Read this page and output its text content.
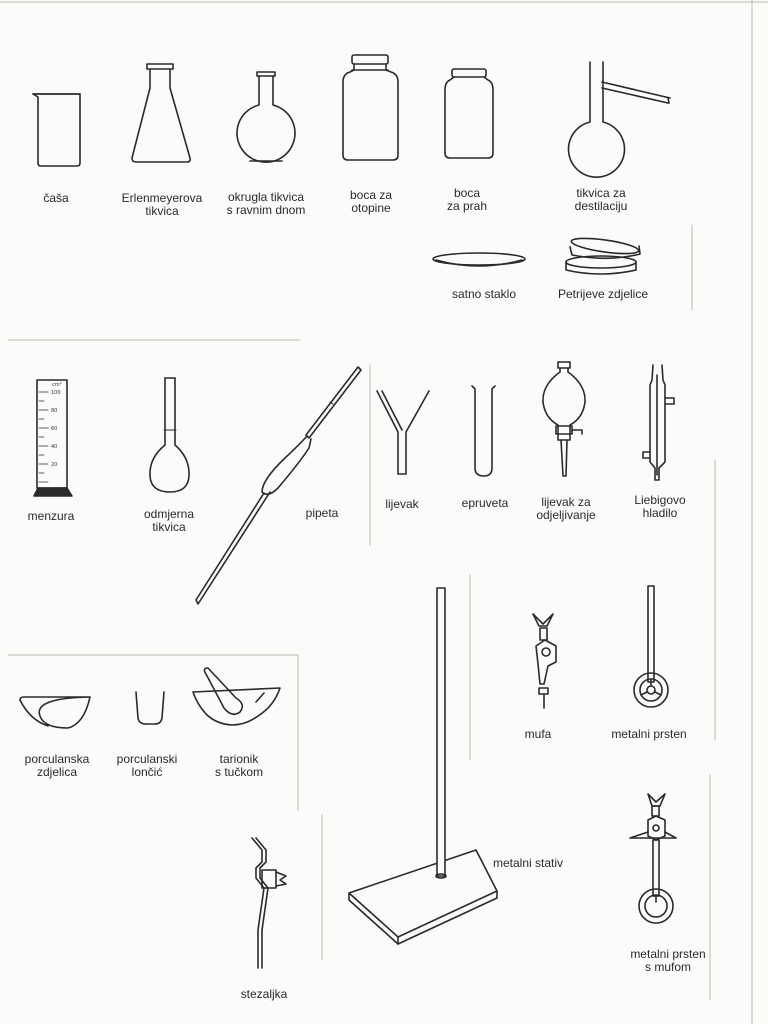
cm³
100
80
60
40
20
čaša	Erlenmeyerova
tikvica
okrugla tikvica
s ravnim dnom
boca za
otopine
boca
za prah
tikvica za
destilaciju
satno staklo	Petrijeve zdjelice
menzura	odmjerna
tikvica
pipeta
lijevak	epruveta	lijevak za
odjeljivanje
Liebigovo
hladilo
mufa	metalni prsten
porculanska
zdjelica
porculanski
lončić
tarionik
s tučkom
metalni stativ
stezaljka
metalni prsten
s mufom
